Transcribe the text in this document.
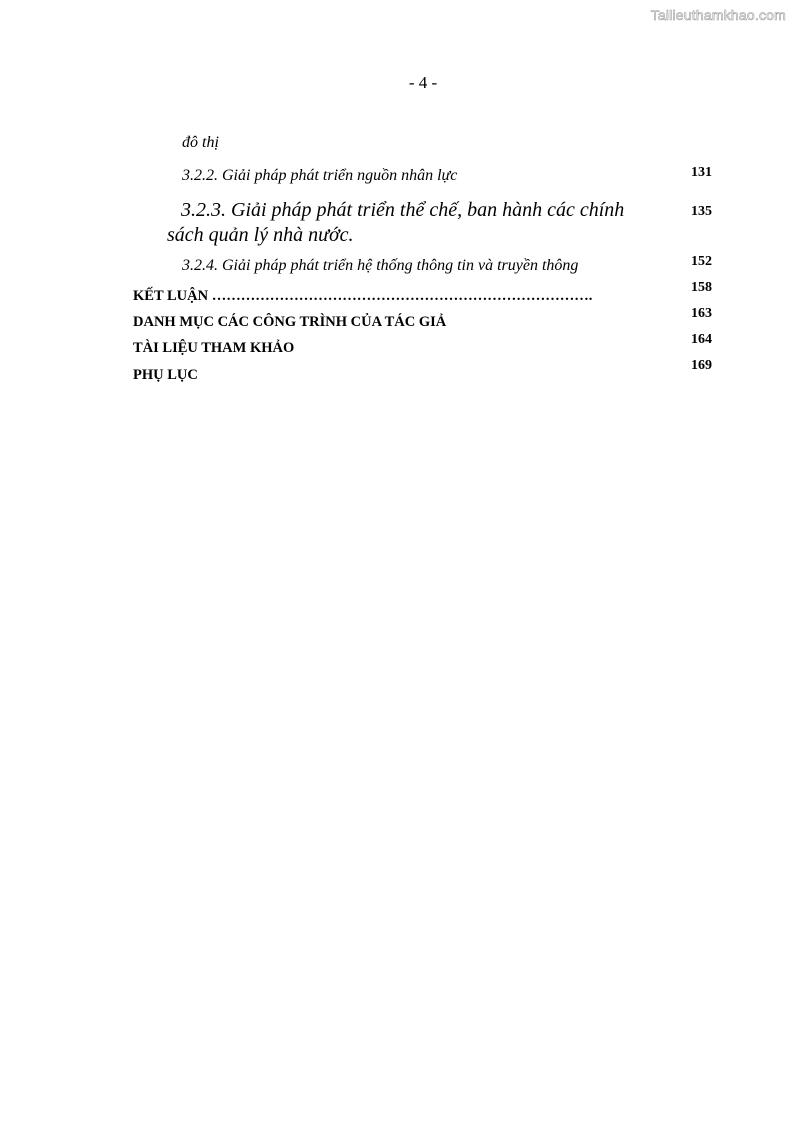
Tailieuthamkhao.com
- 4 -
đô thị
3.2.2. Giải pháp phát triển nguồn nhân lực	131
3.2.3. Giải pháp phát triển thể chế, ban hành các chính
sách quản lý nhà nước.
135
3.2.4. Giải pháp phát triển hệ thống thông tin và truyền thông	152
KẾT LUẬN …………………………………………………………………….
158
DANH MỤC CÁC CÔNG TRÌNH CỦA TÁC GIẢ
163
TÀI LIỆU THAM KHẢO
164
PHỤ LỤC
169
